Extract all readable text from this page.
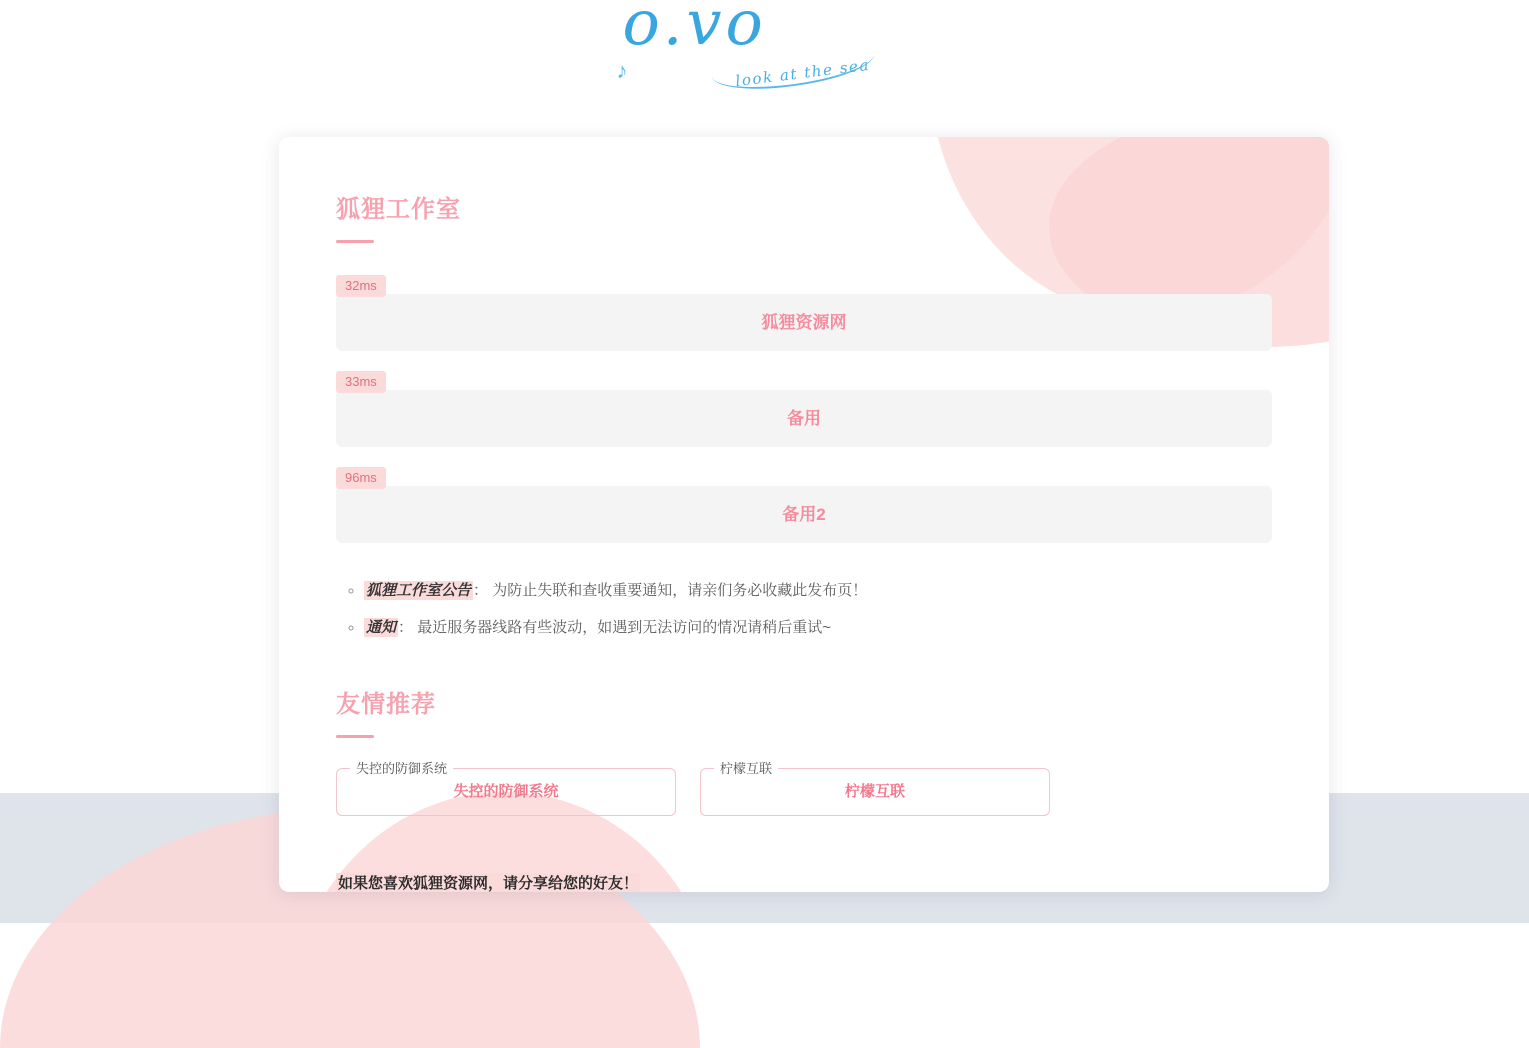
o.vo
♪	look at the sea
狐狸工作室
32ms
狐狸资源网
33ms
备用
96ms
备用2
◦ 狐狸工作室公告 ： 为防止失联和查收重要通知，请亲们务必收藏此发布页！
◦ 通知 ： 最近服务器线路有些波动，如遇到无法访问的情况请稍后重试~
友情推荐
失控的防御系统
失控的防御系统
柠檬互联
柠檬互联
如果您喜欢狐狸资源网，请分享给您的好友！
